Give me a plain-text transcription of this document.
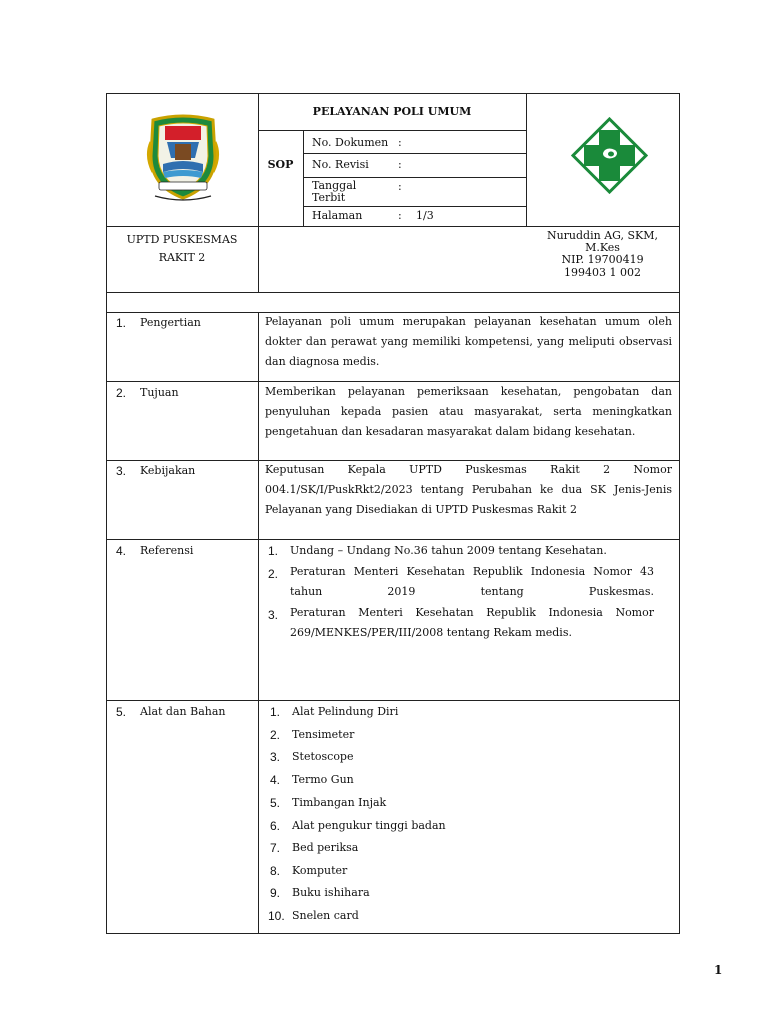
PELAYANAN POLI UMUM
SOP
No. Dokumen :
No. Revisi	:
Tanggal Terbit
:
Halaman	: 1/3
UPTD PUSKESMAS
RAKIT 2
Nuruddin AG, SKM,
M.Kes
NIP. 19700419
199403 1 002
1. Pengertian	Pelayanan poli umum merupakan pelayanan kesehatan umum oleh dokter dan perawat yang memiliki kompetensi, yang meliputi observasi dan diagnosa medis.
2. Tujuan	Memberikan pelayanan pemeriksaan kesehatan, pengobatan dan penyuluhan kepada pasien atau masyarakat, serta meningkatkan pengetahuan dan kesadaran masyarakat dalam bidang kesehatan.
3. Kebijakan	Keputusan Kepala UPTD Puskesmas Rakit 2 Nomor 004.1/SK/I/PuskRkt2/2023 tentang Perubahan ke dua SK Jenis-Jenis Pelayanan yang Disediakan di UPTD Puskesmas Rakit 2
4. Referensi	1. Undang – Undang No.36 tahun 2009 tentang Kesehatan.
2. Peraturan Menteri Kesehatan Republik Indonesia Nomor 43 tahun 2019 tentang Puskesmas.
3. Peraturan Menteri Kesehatan Republik Indonesia Nomor 269/MENKES/PER/III/2008 tentang Rekam medis.
5. Alat dan Bahan	1. Alat Pelindung Diri
2. Tensimeter
3. Stetoscope
4. Termo Gun
5. Timbangan Injak
6. Alat pengukur tinggi badan
7. Bed periksa
8. Komputer
9. Buku ishihara
10. Snelen card
1
